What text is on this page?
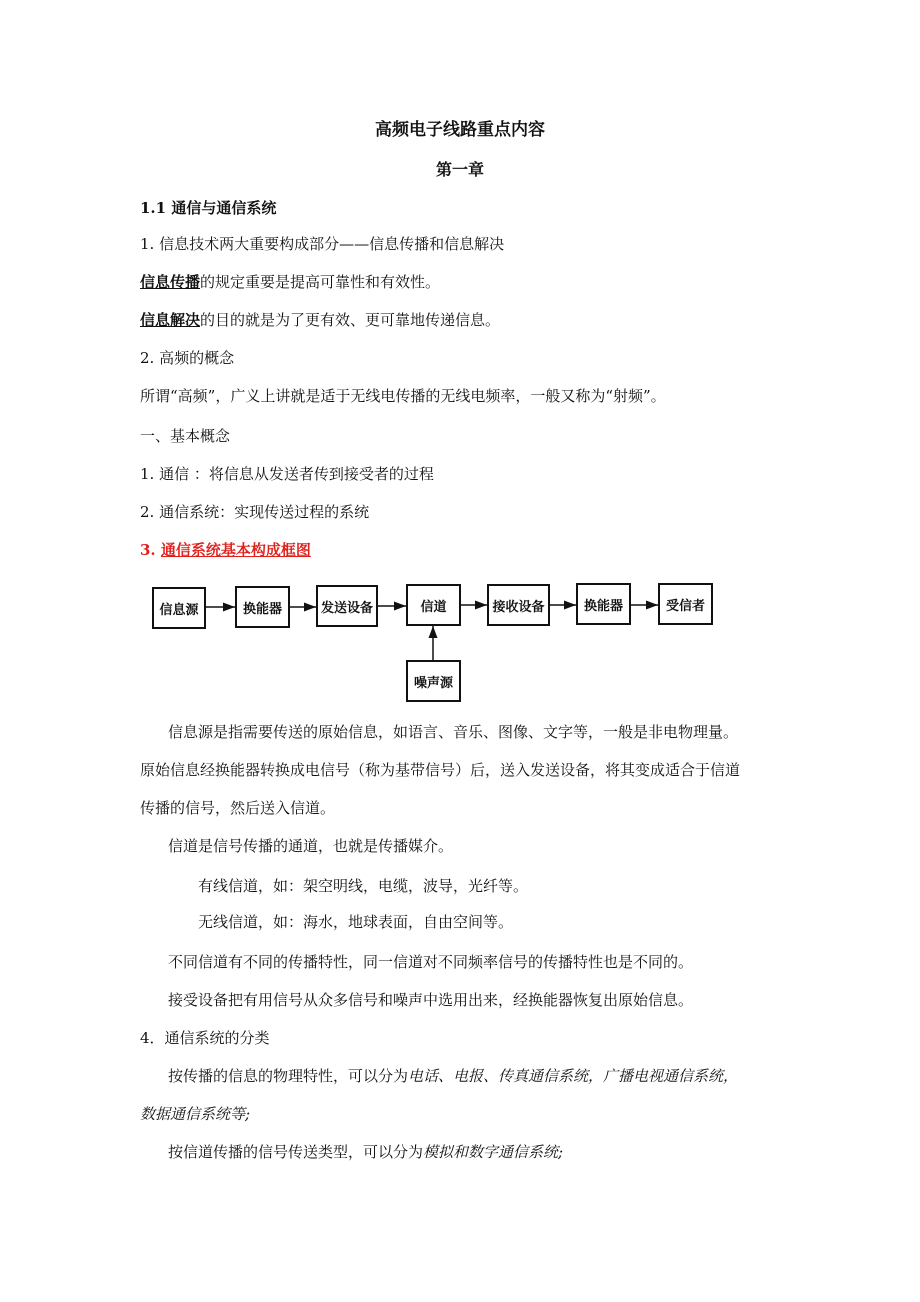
高频电子线路重点内容
第一章
1.1 通信与通信系统
1. 信息技术两大重要构成部分——信息传播和信息解决
信息传播的规定重要是提高可靠性和有效性。
信息解决的目的就是为了更有效、更可靠地传递信息。
2. 高频的概念
所谓“高频”，广义上讲就是适于无线电传播的无线电频率，一般又称为“射频”。
一、基本概念
1. 通信 ：将信息从发送者传到接受者的过程
2. 通信系统：实现传送过程的系统
3. 通信系统基本构成框图
信息源	换能器	发送设备	信道	接收设备	换能器	受信者
噪声源
信息源是指需要传送的原始信息，如语言、音乐、图像、文字等，一般是非电物理量。
原始信息经换能器转换成电信号（称为基带信号）后，送入发送设备，将其变成适合于信道
传播的信号，然后送入信道。
信道是信号传播的通道，也就是传播媒介。
有线信道，如：架空明线，电缆，波导，光纤等。
无线信道，如：海水，地球表面，自由空间等。
不同信道有不同的传播特性，同一信道对不同频率信号的传播特性也是不同的。
接受设备把有用信号从众多信号和噪声中选用出来，经换能器恢复出原始信息。
4．通信系统的分类
按传播的信息的物理特性，可以分为电话、电报、传真通信系统，广播电视通信系统，
数据通信系统等;
按信道传播的信号传送类型，可以分为模拟和数字通信系统;
